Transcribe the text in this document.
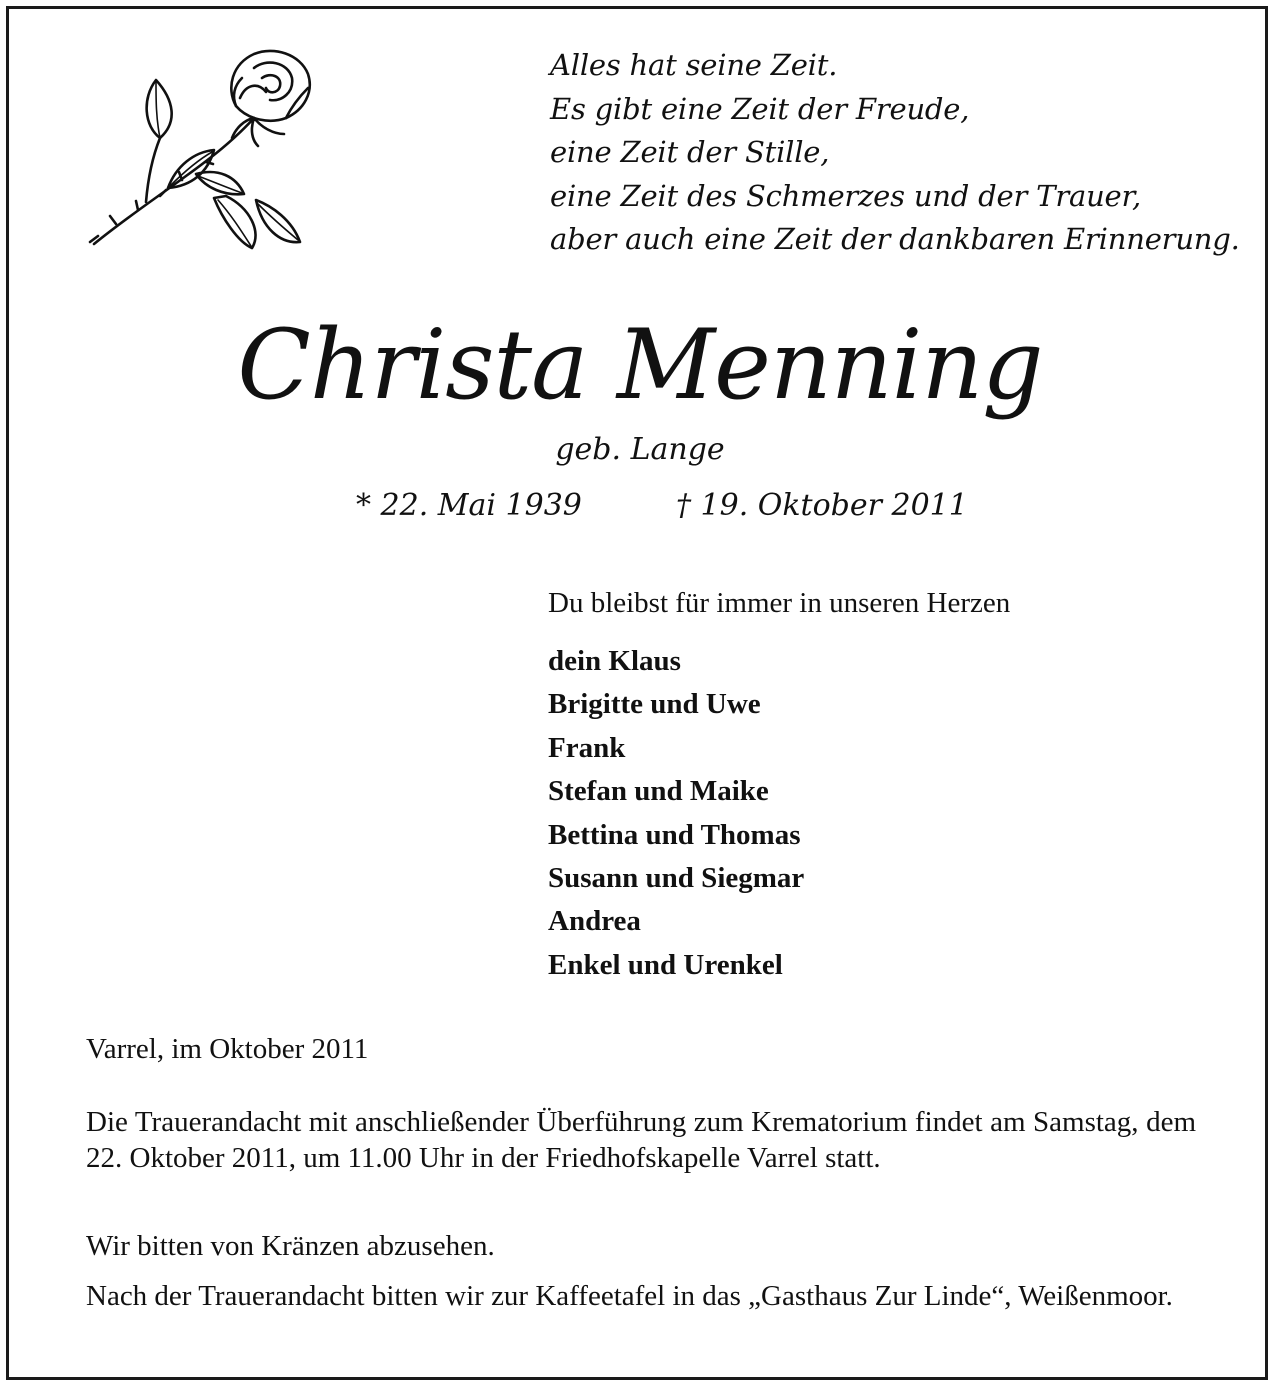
Alles hat seine Zeit.
Es gibt eine Zeit der Freude,
eine Zeit der Stille,
eine Zeit des Schmerzes und der Trauer,
aber auch eine Zeit der dankbaren Erinnerung.
Christa Menning
geb. Lange
* 22. Mai 1939	† 19. Oktober 2011
Du bleibst für immer in unseren Herzen
dein Klaus
Brigitte und Uwe
Frank
Stefan und Maike
Bettina und Thomas
Susann und Siegmar
Andrea
Enkel und Urenkel
Varrel, im Oktober 2011
Die Trauerandacht mit anschließender Überführung zum Krematorium findet am Samstag, dem 22. Oktober 2011, um 11.00 Uhr in der Friedhofskapelle Varrel statt.
Wir bitten von Kränzen abzusehen.
Nach der Trauerandacht bitten wir zur Kaffeetafel in das „Gasthaus Zur Linde“, Weißenmoor.
